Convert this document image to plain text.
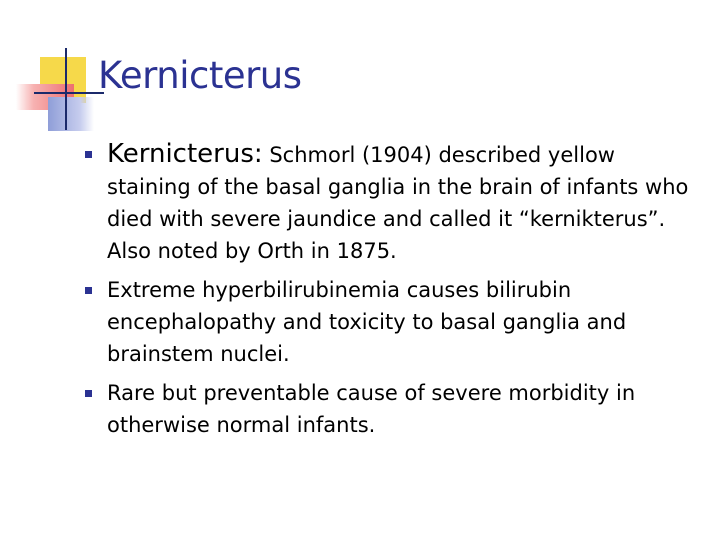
Kernicterus
Kernicterus: Schmorl (1904) described yellow staining of the basal ganglia in the brain of infants who died with severe jaundice and called it “kernikterus”. Also noted by Orth in 1875.
Extreme hyperbilirubinemia causes bilirubin encephalopathy and toxicity to basal ganglia and brainstem nuclei.
Rare but preventable cause of severe morbidity in otherwise normal infants.
